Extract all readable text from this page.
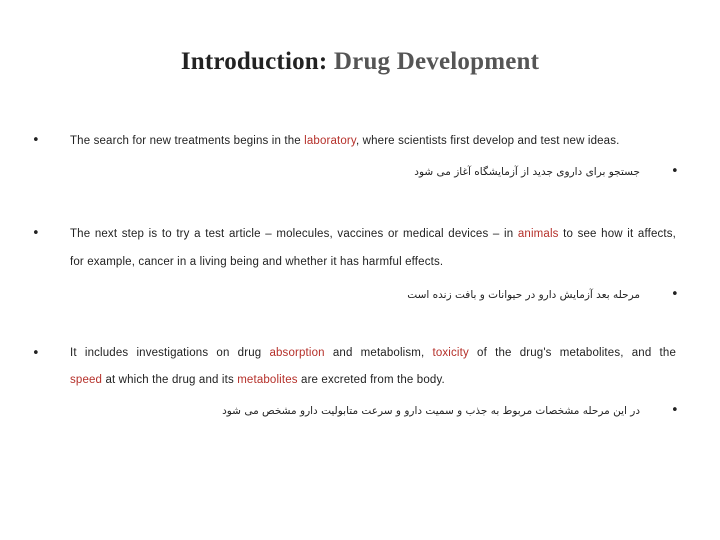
Introduction: Drug Development
•	The search for new treatments begins in the laboratory, where scientists first develop and test new ideas.
جستجو برای داروی جدید از آزمایشگاه آغاز می شود •
•	The next step is to try a test article – molecules, vaccines or medical devices – in animals to see how it affects,
for example, cancer in a living being and whether it has harmful effects.
مرحله بعد آزمایش دارو در حیوانات و بافت زنده است •
•	It includes investigations on drug absorption and metabolism, toxicity of the drug's metabolites, and the
speed at which the drug and its metabolites are excreted from the body.
در این مرحله مشخصات مربوط به جذب و سمیت دارو و سرعت متابولیت دارو مشخص می شود •
